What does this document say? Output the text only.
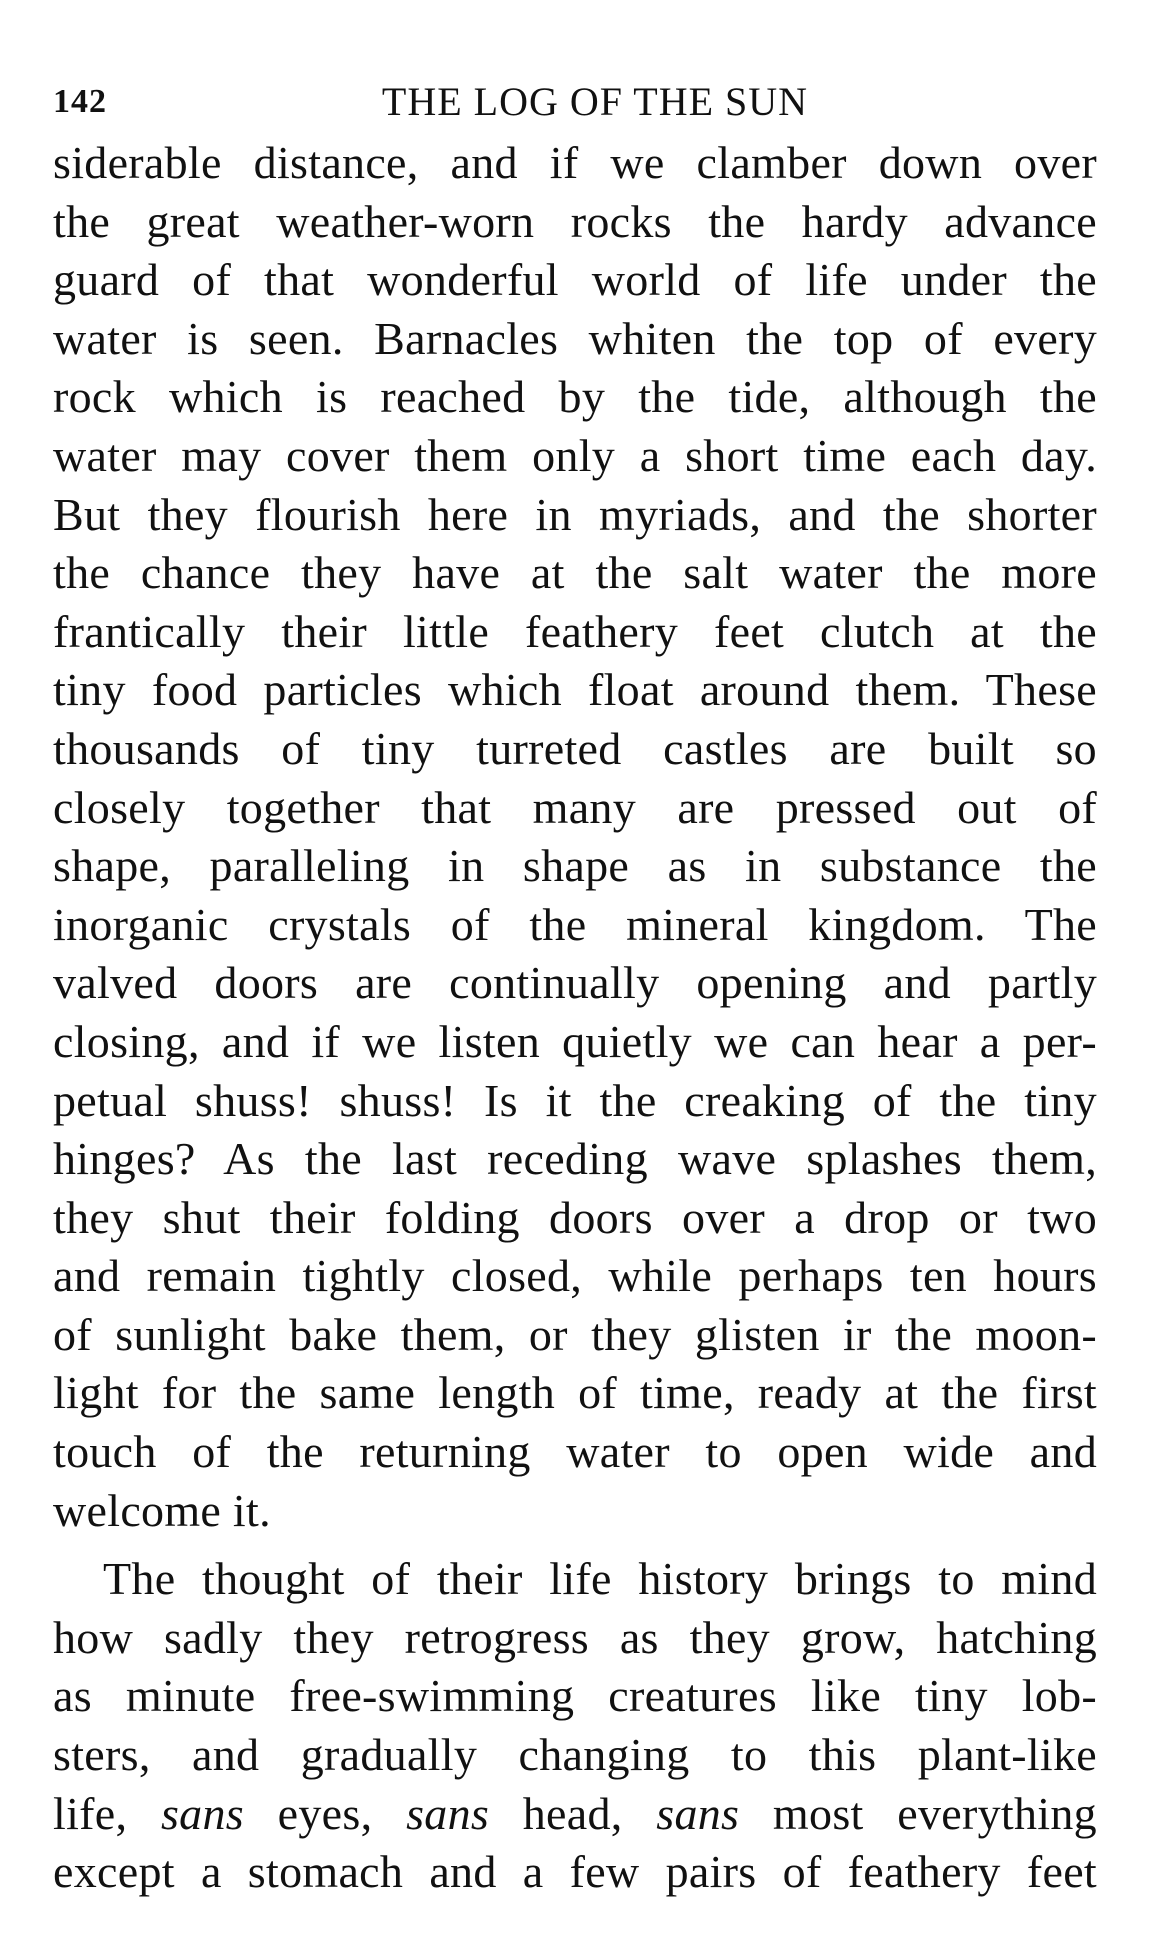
142	THE LOG OF THE SUN
siderable distance, and if we clamber down over
the great weather-worn rocks the hardy advance
guard of that wonderful world of life under the
water is seen. Barnacles whiten the top of every
rock which is reached by the tide, although the
water may cover them only a short time each day.
But they flourish here in myriads, and the shorter
the chance they have at the salt water the more
frantically their little feathery feet clutch at the
tiny food particles which float around them. These
thousands of tiny turreted castles are built so
closely together that many are pressed out of
shape, paralleling in shape as in substance the
inorganic crystals of the mineral kingdom. The
valved doors are continually opening and partly
closing, and if we listen quietly we can hear a per-
petual shuss! shuss! Is it the creaking of the tiny
hinges? As the last receding wave splashes them,
they shut their folding doors over a drop or two
and remain tightly closed, while perhaps ten hours
of sunlight bake them, or they glisten ir the moon-
light for the same length of time, ready at the first
touch of the returning water to open wide and
welcome it.
The thought of their life history brings to mind
how sadly they retrogress as they grow, hatching
as minute free-swimming creatures like tiny lob-
sters, and gradually changing to this plant-like
life, sans eyes, sans head, sans most everything
except a stomach and a few pairs of feathery feet
